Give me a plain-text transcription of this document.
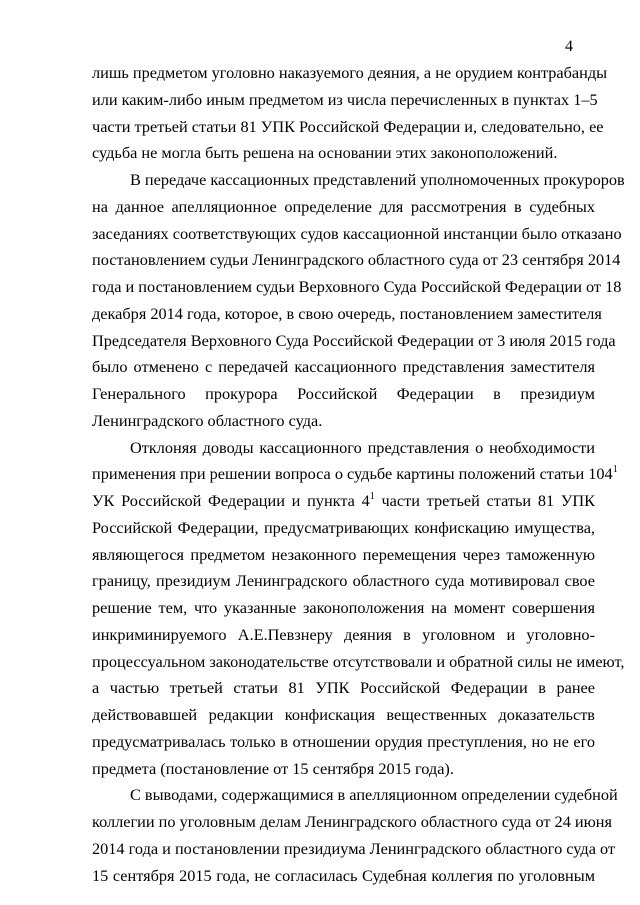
4
лишь предметом уголовно наказуемого деяния, а не орудием контрабанды
или каким-либо иным предметом из числа перечисленных в пунктах 1–5
части третьей статьи 81 УПК Российской Федерации и, следовательно, ее
судьба не могла быть решена на основании этих законоположений.
В передаче кассационных представлений уполномоченных прокуроров
на данное апелляционное определение для рассмотрения в судебных
заседаниях соответствующих судов кассационной инстанции было отказано
постановлением судьи Ленинградского областного суда от 23 сентября 2014
года и постановлением судьи Верховного Суда Российской Федерации от 18
декабря 2014 года, которое, в свою очередь, постановлением заместителя
Председателя Верховного Суда Российской Федерации от 3 июля 2015 года
было отменено с передачей кассационного представления заместителя
Генерального прокурора Российской Федерации в президиум
Ленинградского областного суда.
Отклоняя доводы кассационного представления о необходимости
применения при решении вопроса о судьбе картины положений статьи $104^1$
УК Российской Федерации и пункта $4^1$ части третьей статьи 81 УПК
Российской Федерации, предусматривающих конфискацию имущества,
являющегося предметом незаконного перемещения через таможенную
границу, президиум Ленинградского областного суда мотивировал свое
решение тем, что указанные законоположения на момент совершения
инкриминируемого А.Е.Певзнеру деяния в уголовном и уголовно-
процессуальном законодательстве отсутствовали и обратной силы не имеют,
а частью третьей статьи 81 УПК Российской Федерации в ранее
действовавшей редакции конфискация вещественных доказательств
предусматривалась только в отношении орудия преступления, но не его
предмета (постановление от 15 сентября 2015 года).
С выводами, содержащимися в апелляционном определении судебной
коллегии по уголовным делам Ленинградского областного суда от 24 июня
2014 года и постановлении президиума Ленинградского областного суда от
15 сентября 2015 года, не согласилась Судебная коллегия по уголовным
